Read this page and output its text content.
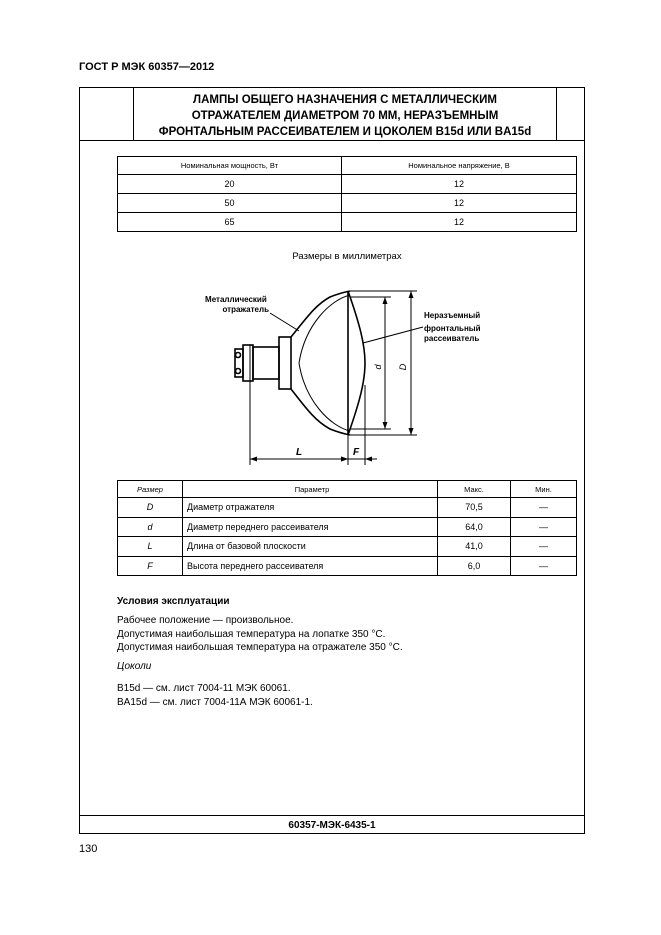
ГОСТ Р МЭК 60357—2012
ЛАМПЫ ОБЩЕГО НАЗНАЧЕНИЯ С МЕТАЛЛИЧЕСКИМ
ОТРАЖАТЕЛЕМ ДИАМЕТРОМ 70 ММ, НЕРАЗЪЕМНЫМ
ФРОНТАЛЬНЫМ РАССЕИВАТЕЛЕМ И ЦОКОЛЕМ B15d ИЛИ BA15d
Номинальная мощность, Вт	Номинальное напряжение, В
20	12
50	12
65	12
Размеры в миллиметрах
L	F
d D
Металлический отражатель
Неразъемный фронтальный рассеиватель
Размер	Параметр	Макс.	Мин.
D	Диаметр отражателя	70,5	—
d	Диаметр переднего рассеивателя	64,0	—
L	Длина от базовой плоскости	41,0	—
F	Высота переднего рассеивателя	6,0	—
Условия эксплуатации
Рабочее положение — произвольное.
Допустимая наибольшая температура на лопатке 350 °С.
Допустимая наибольшая температура на отражателе 350 °С.
Цоколи
B15d — см. лист 7004-11 МЭК 60061.
BA15d — см. лист 7004-11А МЭК 60061-1.
60357-МЭК-6435-1
130
